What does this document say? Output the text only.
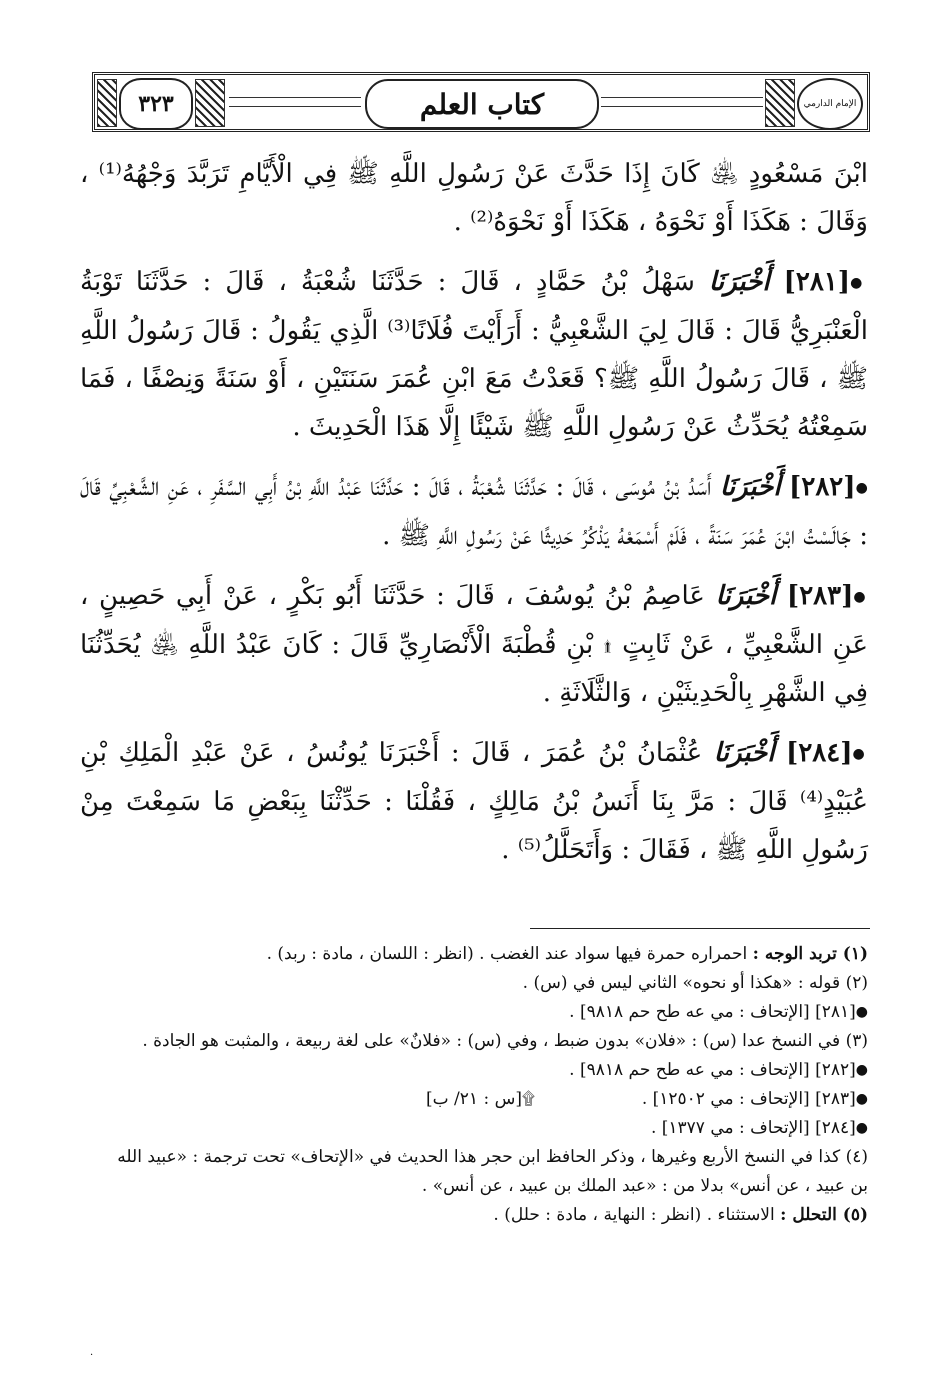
الإمام الدارمي
كتاب العلم
٣٢٣

ابْنَ مَسْعُودٍ ﵁ كَانَ إِذَا حَدَّثَ عَنْ رَسُولِ اللَّهِ ﷺ فِي الْأَيَّامِ تَرَبَّدَ وَجْهُهُ⁽¹⁾ ، وَقَالَ : هَكَذَا أَوْ نَحْوَهُ ، هَكَذَا أَوْ نَحْوَهُ⁽²⁾ .

●[٢٨١] أَخْبَرَنَا سَهْلُ بْنُ حَمَّادٍ ، قَالَ : حَدَّثَنَا شُعْبَةُ ، قَالَ : حَدَّثَنَا تَوْبَةُ الْعَنْبَرِيُّ قَالَ : قَالَ لِيَ الشَّعْبِيُّ : أَرَأَيْتَ فُلَانًا⁽³⁾ الَّذِي يَقُولُ : قَالَ رَسُولُ اللَّهِ ﷺ ، قَالَ رَسُولُ اللَّهِ ﷺ؟ قَعَدْتُ مَعَ ابْنِ عُمَرَ سَنَتَيْنِ ، أَوْ سَنَةً وَنِصْفًا ، فَمَا سَمِعْتُهُ يُحَدِّثُ عَنْ رَسُولِ اللَّهِ ﷺ شَيْئًا إِلَّا هَذَا الْحَدِيثَ .

●[٢٨٢] أَخْبَرَنَا أَسَدُ بْنُ مُوسَى ، قَالَ : حَدَّثَنَا شُعْبَةُ ، قَالَ : حَدَّثَنَا عَبْدُ اللَّهِ بْنُ أَبِي السَّفَرِ ، عَنِ الشَّعْبِيِّ قَالَ : جَالَسْتُ ابْنَ عُمَرَ سَنَةً ، فَلَمْ أَسْمَعْهُ يَذْكُرُ حَدِيثًا عَنْ رَسُولِ اللَّهِ ﷺ .

●[٢٨٣] أَخْبَرَنَا عَاصِمُ بْنُ يُوسُفَ ، قَالَ : حَدَّثَنَا أَبُو بَكْرٍ ، عَنْ أَبِي حَصِينٍ ، عَنِ الشَّعْبِيِّ ، عَنْ ثَابِتٍ ۩ بْنِ قُطْبَةَ الْأَنْصَارِيِّ قَالَ : كَانَ عَبْدُ اللَّهِ ﵁ يُحَدِّثُنَا فِي الشَّهْرِ بِالْحَدِيثَيْنِ ، وَالثَّلَاثَةِ .

●[٢٨٤] أَخْبَرَنَا عُثْمَانُ بْنُ عُمَرَ ، قَالَ : أَخْبَرَنَا يُونُسُ ، عَنْ عَبْدِ الْمَلِكِ بْنِ عُبَيْدٍ⁽⁴⁾ قَالَ : مَرَّ بِنَا أَنَسُ بْنُ مَالِكٍ ، فَقُلْنَا : حَدِّثْنَا بِبَعْضِ مَا سَمِعْتَ مِنْ رَسُولِ اللَّهِ ﷺ ، فَقَالَ : وَأَتَحَلَّلُ⁽⁵⁾ .

(١) تربد الوجه : احمراره حمرة فيها سواد عند الغضب . (انظر : اللسان ، مادة : ربد) .

(٢) قوله : «هكذا أو نحوه» الثاني ليس في (س) .

●[٢٨١] [الإتحاف : مي عه طح حم ٩٨١٨] .

(٣) في النسخ عدا (س) : «فلان» بدون ضبط ، وفي (س) : «فلانٌ» على لغة ربيعة ، والمثبت هو الجادة .

●[٢٨٢] [الإتحاف : مي عه طح حم ٩٨١٨] .

●[٢٨٣] [الإتحاف : مي ١٢٥٠٢] .
۩[س : ٢١/ ب]

●[٢٨٤] [الإتحاف : مي ١٣٧٧] .

(٤) كذا في النسخ الأربع وغيرها ، وذكر الحافظ ابن حجر هذا الحديث في «الإتحاف» تحت ترجمة : «عبيد الله بن عبيد ، عن أنس» بدلا من : «عبد الملك بن عبيد ، عن أنس» .

(٥) التحلل : الاستثناء . (انظر : النهاية ، مادة : حلل) .

·
